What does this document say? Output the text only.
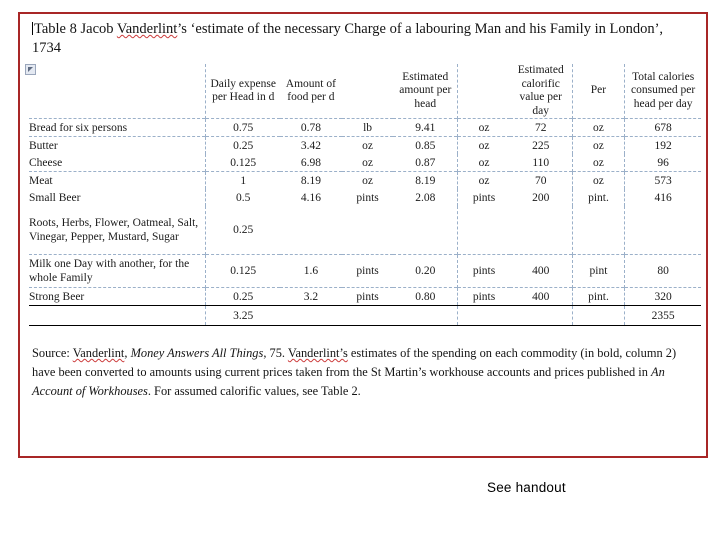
Table 8 Jacob Vanderlint’s ‘estimate of the necessary Charge of a labouring Man and his Family in London’, 1734
	Daily expense per Head in d	Amount of food per d		Estimated amount per head		Estimated calorific value per day	Per	Total calories consumed per head per day
Bread for six persons	0.75	0.78	lb	9.41	oz	72	oz	678
Butter	0.25	3.42	oz	0.85	oz	225	oz	192
Cheese	0.125	6.98	oz	0.87	oz	110	oz	96
Meat	1	8.19	oz	8.19	oz	70	oz	573
Small Beer	0.5	4.16	pints	2.08	pints	200	pint.	416
Roots, Herbs, Flower, Oatmeal, Salt, Vinegar, Pepper, Mustard, Sugar	0.25							
Milk one Day with another, for the whole Family	0.125	1.6	pints	0.20	pints	400	pint	80
Strong Beer	0.25	3.2	pints	0.80	pints	400	pint.	320
	3.25							2355
Source: Vanderlint, Money Answers All Things, 75. Vanderlint’s estimates of the spending on each commodity (in bold, column 2) have been converted to amounts using current prices taken from the St Martin’s workhouse accounts and prices published in An Account of Workhouses. For assumed calorific values, see Table 2.
See handout
